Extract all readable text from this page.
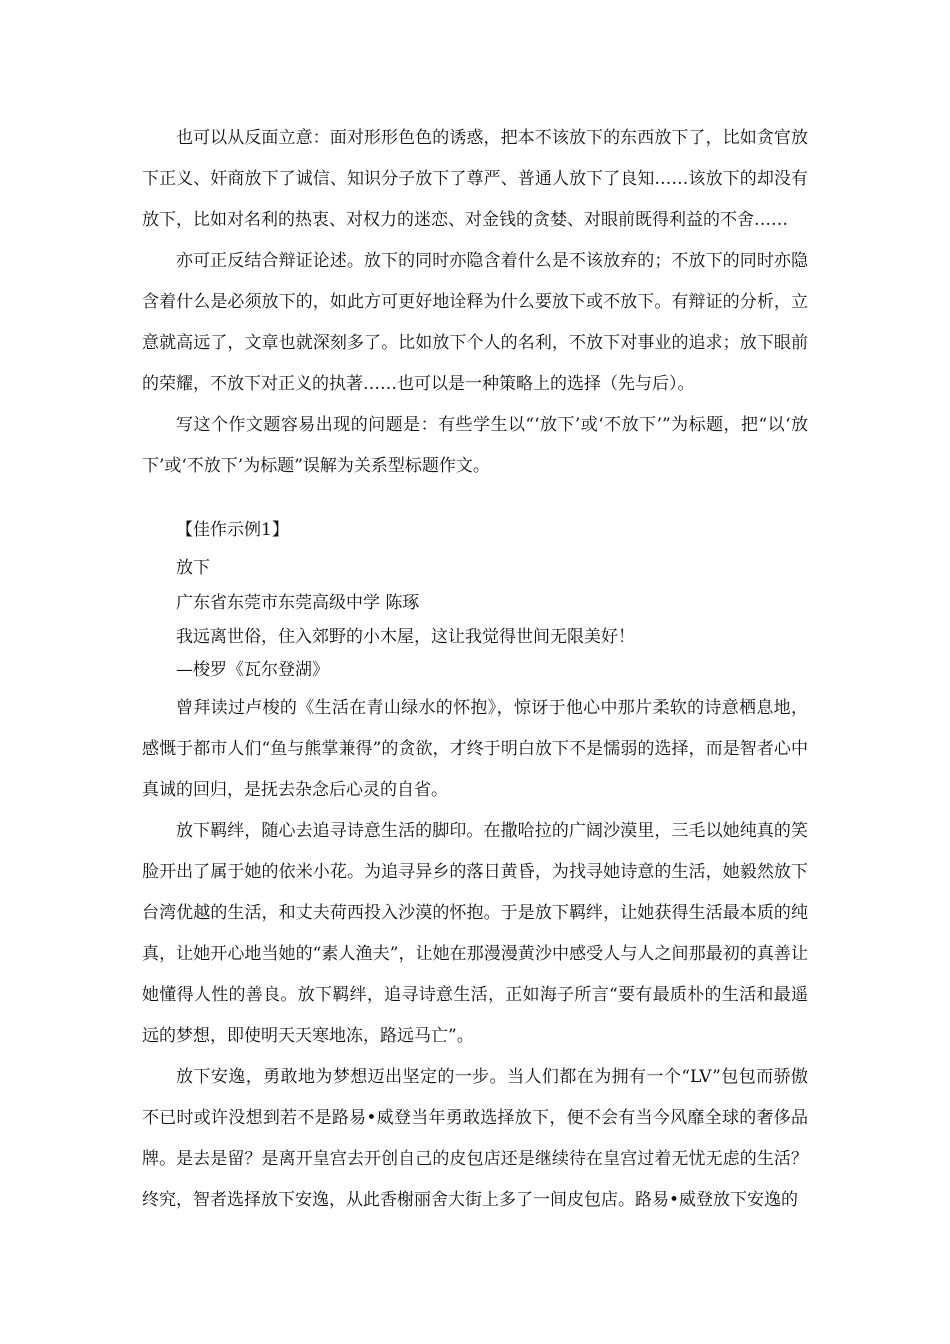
也可以从反面立意：面对形形色色的诱惑，把本不该放下的东西放下了，比如贪官放下正义、奸商放下了诚信、知识分子放下了尊严、普通人放下了良知……该放下的却没有放下，比如对名利的热衷、对权力的迷恋、对金钱的贪婪、对眼前既得利益的不舍……

亦可正反结合辩证论述。放下的同时亦隐含着什么是不该放弃的；不放下的同时亦隐含着什么是必须放下的，如此方可更好地诠释为什么要放下或不放下。有辩证的分析，立意就高远了，文章也就深刻多了。比如放下个人的名利，不放下对事业的追求；放下眼前的荣耀，不放下对正义的执著……也可以是一种策略上的选择（先与后）。

写这个作文题容易出现的问题是：有些学生以“‘放下’或‘不放下’”为标题，把“以‘放下’或‘不放下’为标题”误解为关系型标题作文。

【佳作示例1】

放下

广东省东莞市东莞高级中学 陈琢

我远离世俗，住入郊野的小木屋，这让我觉得世间无限美好！

—梭罗《瓦尔登湖》

曾拜读过卢梭的《生活在青山绿水的怀抱》，惊讶于他心中那片柔软的诗意栖息地，感慨于都市人们“鱼与熊掌兼得”的贪欲，才终于明白放下不是懦弱的选择，而是智者心中真诚的回归，是抚去杂念后心灵的自省。

放下羁绊，随心去追寻诗意生活的脚印。在撒哈拉的广阔沙漠里，三毛以她纯真的笑脸开出了属于她的依米小花。为追寻异乡的落日黄昏，为找寻她诗意的生活，她毅然放下台湾优越的生活，和丈夫荷西投入沙漠的怀抱。于是放下羁绊，让她获得生活最本质的纯真，让她开心地当她的“素人渔夫”，让她在那漫漫黄沙中感受人与人之间那最初的真善让她懂得人性的善良。放下羁绊，追寻诗意生活，正如海子所言“要有最质朴的生活和最遥远的梦想，即使明天天寒地冻，路远马亡”。

放下安逸，勇敢地为梦想迈出坚定的一步。当人们都在为拥有一个“LV”包包而骄傲不已时或许没想到若不是路易•威登当年勇敢选择放下，便不会有当今风靡全球的奢侈品牌。是去是留？是离开皇宫去开创自己的皮包店还是继续待在皇宫过着无忧无虑的生活？终究，智者选择放下安逸，从此香榭丽舍大街上多了一间皮包店。路易•威登放下安逸的
